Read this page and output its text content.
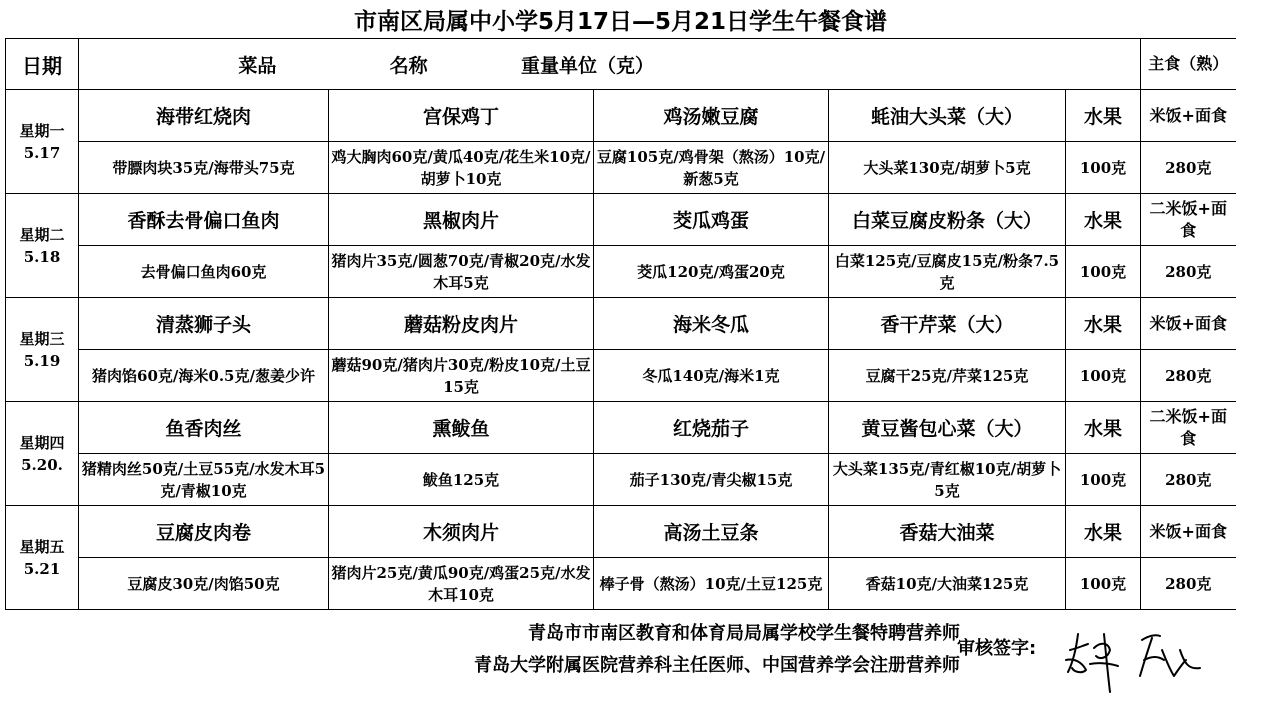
市南区局属中小学5月17日—5月21日学生午餐食谱						
日期	菜品 名称 重量单位（克）					主食（熟）

星期一
5.17	海带红烧肉	宫保鸡丁	鸡汤嫩豆腐	蚝油大头菜（大）	水果	米饭+面食
	带膘肉块35克/海带头75克	鸡大胸肉60克/黄瓜40克/花生米10克/胡萝卜10克	豆腐105克/鸡骨架（熬汤）10克/新葱5克	大头菜130克/胡萝卜5克	100克	280克

星期二
5.18	香酥去骨偏口鱼肉	黑椒肉片	茭瓜鸡蛋	白菜豆腐皮粉条（大）	水果	二米饭+面食
	去骨偏口鱼肉60克	猪肉片35克/圆葱70克/青椒20克/水发木耳5克	茭瓜120克/鸡蛋20克	白菜125克/豆腐皮15克/粉条7.5克	100克	280克

星期三
5.19	清蒸狮子头	蘑菇粉皮肉片	海米冬瓜	香干芹菜（大）	水果	米饭+面食
	猪肉馅60克/海米0.5克/葱姜少许	蘑菇90克/猪肉片30克/粉皮10克/土豆15克	冬瓜140克/海米1克	豆腐干25克/芹菜125克	100克	280克

星期四
5.20.	鱼香肉丝	熏鲅鱼	红烧茄子	黄豆酱包心菜（大）	水果	二米饭+面食
	猪精肉丝50克/土豆55克/水发木耳5克/青椒10克	鲅鱼125克	茄子130克/青尖椒15克	大头菜135克/青红椒10克/胡萝卜5克	100克	280克

星期五
5.21	豆腐皮肉卷	木须肉片	高汤土豆条	香菇大油菜	水果	米饭+面食
	豆腐皮30克/肉馅50克	猪肉片25克/黄瓜90克/鸡蛋25克/水发木耳10克	棒子骨（熬汤）10克/土豆125克	香菇10克/大油菜125克	100克	280克
青岛市市南区教育和体育局局属学校学生餐特聘营养师
青岛大学附属医院营养科主任医师、中国营养学会注册营养师
审核签字:
